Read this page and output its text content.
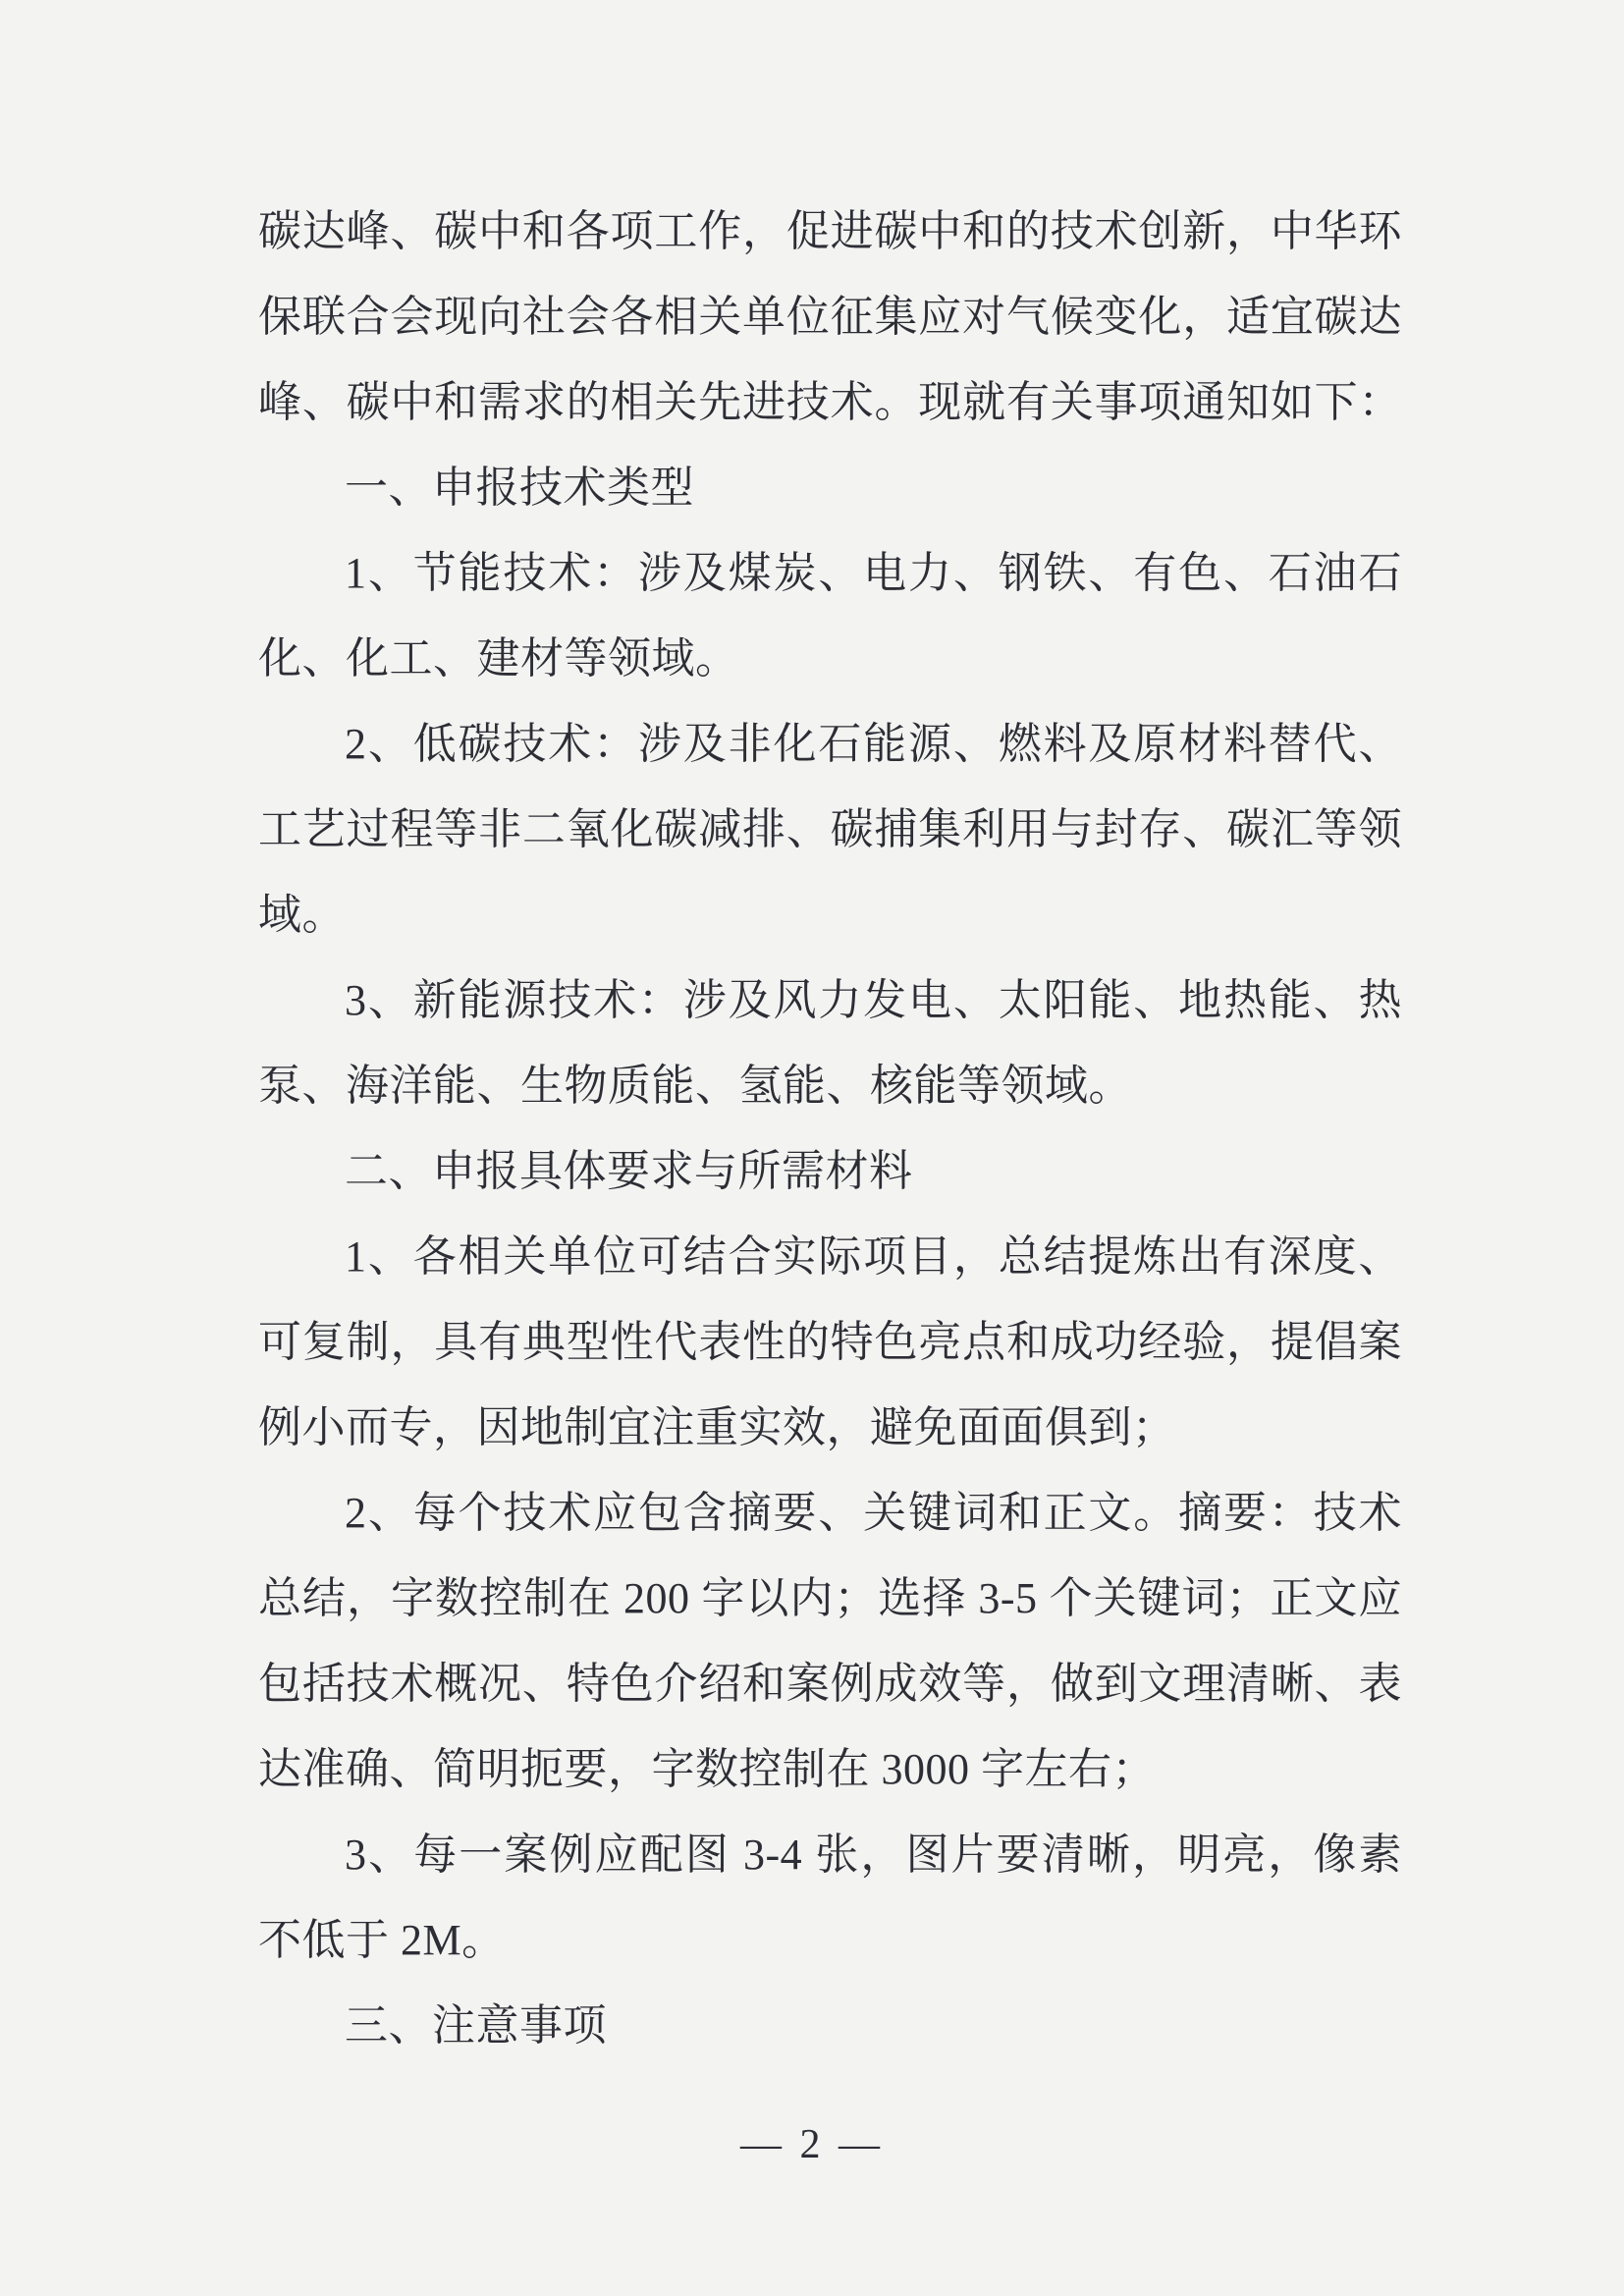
碳达峰、碳中和各项工作，促进碳中和的技术创新，中华环
保联合会现向社会各相关单位征集应对气候变化，适宜碳达
峰、碳中和需求的相关先进技术。现就有关事项通知如下：
一、申报技术类型
1、节能技术：涉及煤炭、电力、钢铁、有色、石油石
化、化工、建材等领域。
2、低碳技术：涉及非化石能源、燃料及原材料替代、
工艺过程等非二氧化碳减排、碳捕集利用与封存、碳汇等领
域。
3、新能源技术：涉及风力发电、太阳能、地热能、热
泵、海洋能、生物质能、氢能、核能等领域。
二、申报具体要求与所需材料
1、各相关单位可结合实际项目，总结提炼出有深度、
可复制，具有典型性代表性的特色亮点和成功经验，提倡案
例小而专，因地制宜注重实效，避免面面俱到；
2、每个技术应包含摘要、关键词和正文。摘要：技术
总结，字数控制在 200 字以内；选择 3-5 个关键词；正文应
包括技术概况、特色介绍和案例成效等，做到文理清晰、表
达准确、简明扼要，字数控制在 3000 字左右；
3、每一案例应配图 3-4 张，图片要清晰，明亮，像素
不低于 2M。
三、注意事项
— 2 —
